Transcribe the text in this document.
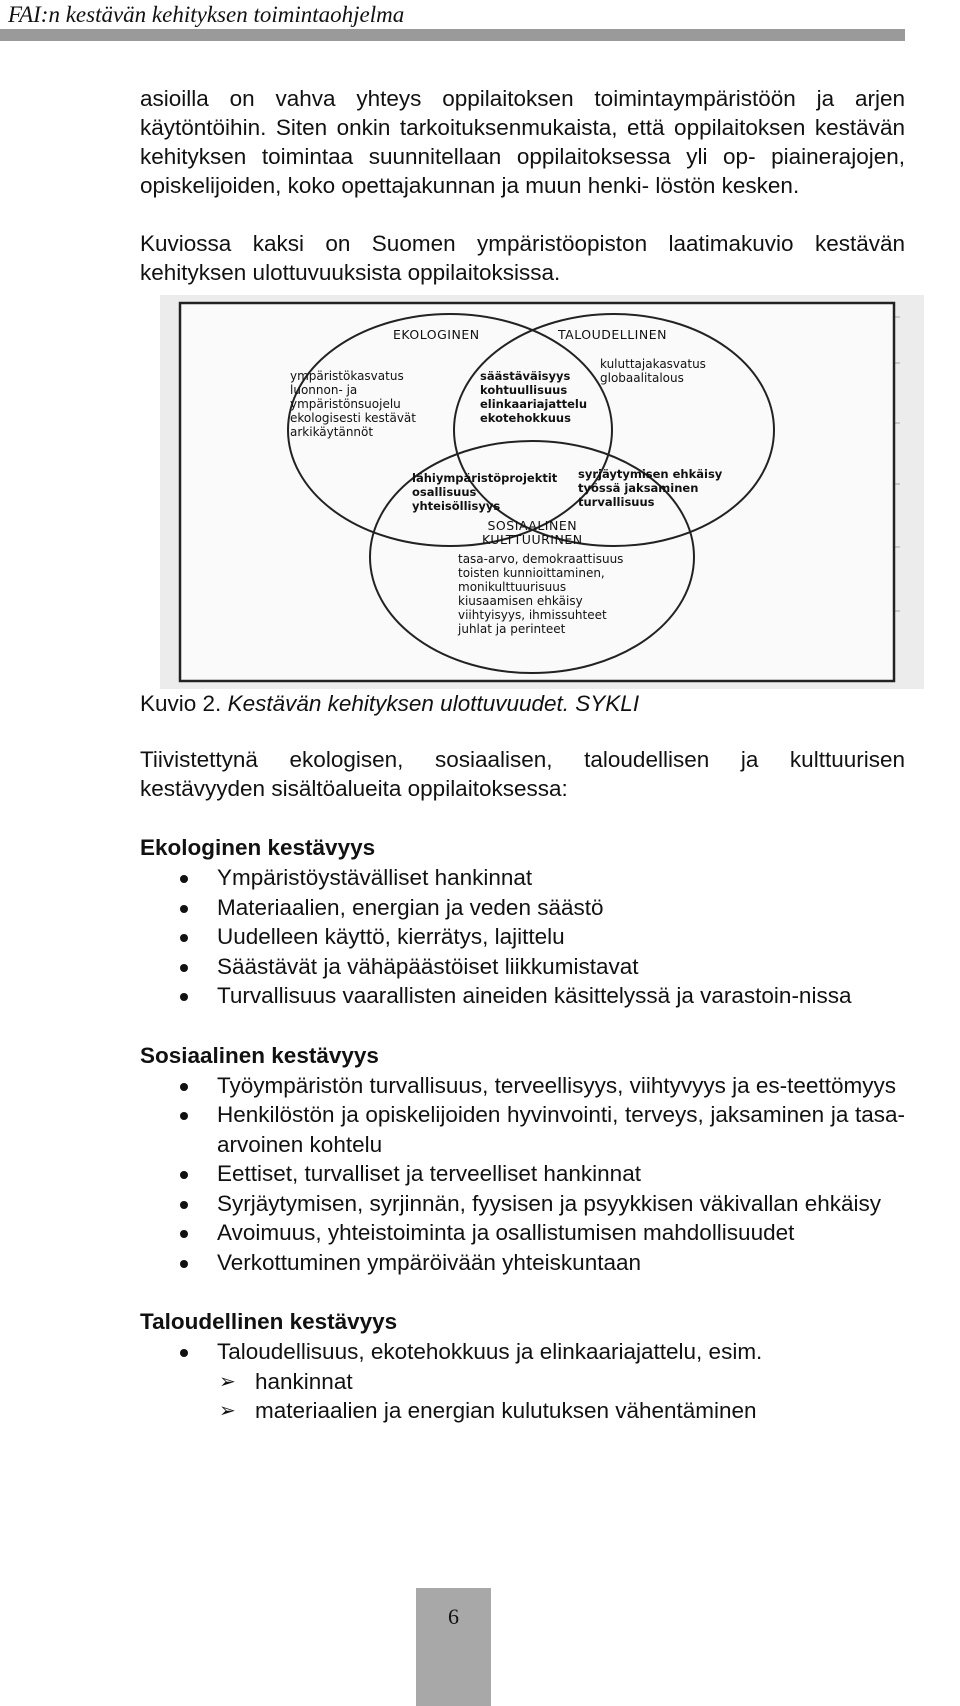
FAI:n kestävän kehityksen toimintaohjelma

asioilla on vahva yhteys oppilaitoksen toimintaympäristöön ja arjen käytöntöihin. Siten onkin tarkoituksenmukaista, että oppilaitoksen kestävän kehityksen toimintaa suunnitellaan oppilaitoksessa yli op- piainerajojen, opiskelijoiden, koko opettajakunnan ja muun henki- löstön kesken.

Kuviossa kaksi on Suomen ympäristöopiston laatimakuvio kestävän kehityksen ulottuvuuksista oppilaitoksissa.

EKOLOGINEN	TALOUDELLINEN
ympäristökasvatus
luonnon- ja
ympäristönsuojelu
ekologisesti kestävät
arkikäytännöt
säästäväisyys
kohtuullisuus
elinkaariajattelu
ekotehokkuus
kuluttajakasvatus
globaalitalous
lähiympäristöprojektit
osallisuus
yhteisöllisyys
syrjäytymisen ehkäisy
työssä jaksaminen
turvallisuus
SOSIAALINEN
KULTTUURINEN
tasa-arvo, demokraattisuus
toisten kunnioittaminen,
monikulttuurisuus
kiusaamisen ehkäisy
viihtyisyys, ihmissuhteet
juhlat ja perinteet

Kuvio 2. Kestävän kehityksen ulottuvuudet. SYKLI

Tiivistettynä ekologisen, sosiaalisen, taloudellisen ja kulttuurisen kestävyyden sisältöalueita oppilaitoksessa:

Ekologinen kestävyys
Ympäristöystävälliset hankinnat
Materiaalien, energian ja veden säästö
Uudelleen käyttö, kierrätys, lajittelu
Säästävät ja vähäpäästöiset liikkumistavat
Turvallisuus vaarallisten aineiden käsittelyssä ja varastoin-nissa
Sosiaalinen kestävyys
Työympäristön turvallisuus, terveellisyys, viihtyvyys ja es-teettömyys
Henkilöstön ja opiskelijoiden hyvinvointi, terveys, jaksaminen ja tasa-arvoinen kohtelu
Eettiset, turvalliset ja terveelliset hankinnat
Syrjäytymisen, syrjinnän, fyysisen ja psyykkisen väkivallan ehkäisy
Avoimuus, yhteistoiminta ja osallistumisen mahdollisuudet
Verkottuminen ympäröivään yhteiskuntaan
Taloudellinen kestävyys
Taloudellisuus, ekotehokkuus ja elinkaariajattelu, esim.
➢ hankinnat
➢ materiaalien ja energian kulutuksen vähentäminen
6
